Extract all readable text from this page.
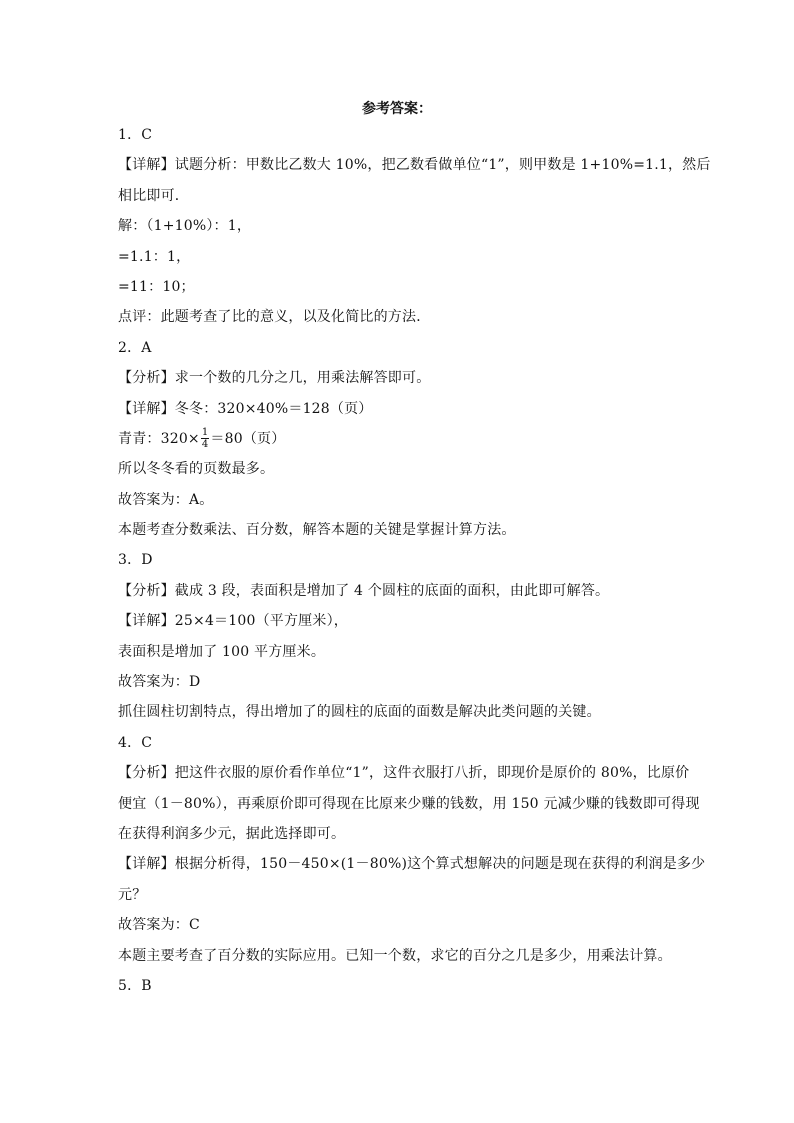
参考答案：
1．C
【详解】试题分析：甲数比乙数大 10%，把乙数看做单位“1”，则甲数是 1+10%=1.1，然后
相比即可．
解：（1+10%）：1，
=1.1：1，
=11：10；
点评：此题考查了比的意义，以及化简比的方法．
2．A
【分析】求一个数的几分之几，用乘法解答即可。
【详解】冬冬：320×40%＝128（页）
青青：$320\times \frac{1}{4} =80$（页）
所以冬冬看的页数最多。
故答案为：A。
本题考查分数乘法、百分数，解答本题的关键是掌握计算方法。
3．D
【分析】截成 3 段，表面积是增加了 4 个圆柱的底面的面积，由此即可解答。
【详解】25×4＝100（平方厘米），
表面积是增加了 100 平方厘米。
故答案为：D
抓住圆柱切割特点，得出增加了的圆柱的底面的面数是解决此类问题的关键。
4．C
【分析】把这件衣服的原价看作单位“1”，这件衣服打八折，即现价是原价的 80%，比原价
便宜（1－80%），再乘原价即可得现在比原来少赚的钱数，用 150 元减少赚的钱数即可得现
在获得利润多少元，据此选择即可。
【详解】根据分析得，150－450×(1－80%)这个算式想解决的问题是现在获得的利润是多少
元？
故答案为：C
本题主要考查了百分数的实际应用。已知一个数，求它的百分之几是多少，用乘法计算。
5．B
